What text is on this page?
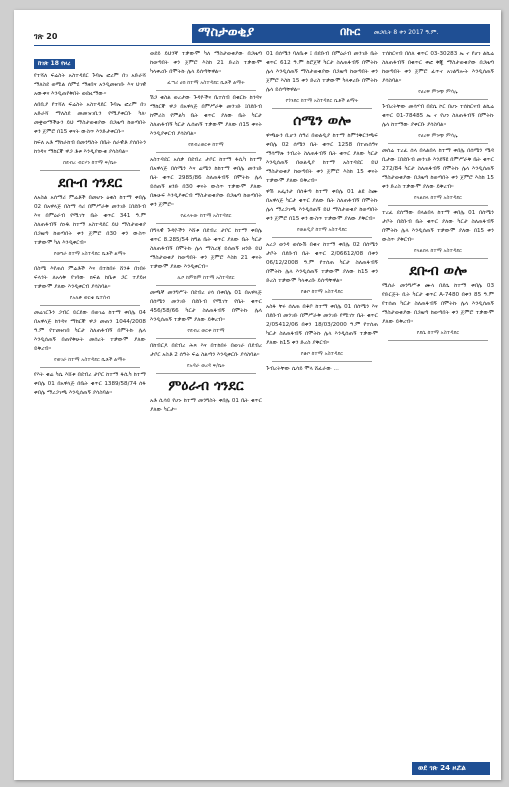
ገጽ 20	ማስታወቂያ	በኩር መጋቢት 8 ቀን 2017 ዓ.ም.
ከገጽ 18 የዞረ
የተሻለ ፍሬስት አስተዳደር ጉባኤ ፎረም በገ አድራሻ ማለስደ ወሚል ሰምሂ ማዘበና አንዲመዘገቡ እና ህገዊ አውቀና እንዲጠየቅበት ወደዚማው።
ለበቢያ የተሻለ ፍሬስት አስተዳደር ጉባኤ ፎረም በገ አድራሻ ማለስደ መመዝገቢን የሚያቀርቡ ካለ፡ መቋወማችሁን ይህ ማስታወቂያው በጋዜጣ ከወጣበት ቀን ጀምሮ በ15 ቀናት ውስጥ እንድታቀርቡ።
ከፍለ አቶ ማከራከብ በመንግስት በቤት ሰራዊቶ ያሰበትን ከጎዳና ማከርኞ ዋጋ ቶቱ እንዲያውቁ ያሳስባል።
በደብረ ብርሃን ከተማ ፍ/ቤት
ደቡብ ጎንደር
ለአስል አሰማሪ ምሬቶች በመሆኑ ዕቁስ ከተማ ቀበሌ 02 በአዋላጅ በስማ ሳሪ በምሥራቅ መንገድ ፤በደቡብ እና በምዕራብ የሚገኘ ቤት ቁጥር 341 ዓ.ም ስለጠፋብኝ ሰነዱ ከተማ አስተዳደር ይህ ማስታወቂያ በጋዜጣ ከወጣበት ቀን ጀምሮ በ30 ቀን ውስጥ ተቃውሞ ካለ እንዲቀርብ።
የወግራ ከተማ አስተዳደር ቤቶች ልማት
በስሜ እየጠሰ ምሬቶች እና በተከበሩ ሸንቆ በነበሩ ፍላጎት ለአላቅ የገባው ክፍል ከቤቱ ጋር ተያይዞ ተቃውሞ ያለው እንዲቀርብ ያሳስባል።
የአለቃ ወርቄ ቤተሰብ
መሬገርጉን ጋብር ይርደው በወገሬ ከተማ ቀበሌ 04 በአዋላጅ ከጎዳና ማከርኞ ዋጋ መጠን 1044/2008 ዓ.ም የተመዘገበ ካርታ ስለጠፋብኝ በምትኩ ሌላ እንዲሰጠኝ በጠየቅሁት መሰረት ተቃውሞ ያለው ይቅረብ።
የወገራ ከተማ አስተዳደር ቤቶች ልማት
የእት ቁሬ ካሴ እሸቱ በደብረ ታቦር ከተማ ፋሲካ ከተማ ቀበሌ 01 በአዋላጅ በቤት ቁጥር 1389/58/74 ሰፋ ቀበሌ ማረጋገጫ እንዲሰጠኝ ያሳስባል።
ወደይ ይህንኛ ተቃውሞ ካለ ማስታወቂያው በጋዜጣ ከወጣበት ቀን ጀምሮ እስከ 21 ድረስ ተቃውሞ ካላቀረቡ በሞትኩ ሌላ ይሰጣቸዋል።
ፈጣሪ ሀበ ከተማ አስተዳደር ቤቶች ልማት
ሽጋ ቁስል ወረታው ጉዳዮችና ቤተሰብ በቁርኩ ከጎዳና ማከርኞ ዋጋ በአዋላጅ በምሥራቅ መንገድ ፤በደቡብ ከሞሪስ የምልካ ቤት ቁጥር ያለው ቤት ካርታ ስለጠፋብኝ ካርታ ሊሰጠኝ ተቃውሞ ያለው በ15 ቀናት እንዲያቀርብ ያሳስባል።
የደብረወርቅ ከተማ
አስተዳደር አሰቃ በደብረ ታቦር ከተማ ፋሲካ ከተማ በአዋላጅ በሰሜን እና ሬሜን ከከተማ ቀበሌ መንገድ ቤት ቁጥር 2985/86 ስለጠፋብኝ በሞትኩ ሌላ ይሰጠኝ ዘንድ በ30 ቀናት ውስጥ ተቃውሞ ያለው በጽሁፍ እንዲያቀርብ ማስታወቂያው በጋዜጣ ከወጣበት ቀን ጀምሮ።
የፈላትው ከተማ አስተዳደር
በግላዊ ጉዳዮችን እሸቱ በደብረ ታቦር ከተማ ቀበሌ ቁጥር 8.285/54 ከግል ቤት ቁጥር ያለው ቤት ካርታ ስለጠፋብኝ በሞትኩ ሌላ ማስረጃ ይሰጠኝ ዘንድ ይህ ማስታወቂያ ከወጣበት ቀን ጀምሮ እስከ 21 ቀናት ተቃውሞ ያለው እንዲቀርብ።
ሊቦ ከምከም ከተማ አስተዳደር
መጫኛ መንግሥት በደብረ ሀሳ በቀበሌ 01 በአዋላጅ በሰሜን መንገድ በደቡብ የሚገኘ የቤት ቁጥር 456/58/66 ካርታ ስለጠፋብኝ በሞትኩ ሌላ እንዲሰጠኝ ተቃውሞ ያለው ይቅረብ።
የደብረ ወርቅ ከተማ
በከብርዶ በደብረ ሕጻ እና በተከበሩ በወገራ በደብረ ታቦር አስቶ 2 ሰዓት ፍሬ ስልጣን እንዲቀርቡ ያሳስባል።
የአዳራ ወረዳ ፍ/ቤት
ምዕራብ ጎንደር
አቶ ሲሳይ የሆኑ ከተማ መንግስት ቀበሌ 01 ቤት ቁጥር ያለው ካርታ።
01 በሰሜን ባለቤቱ ፤ በደቡብ በምዕራብ መንገድ ቤት ቁጥር 612 ዓ.ም ከሮጀኛ ካርታ ስለጠፋብኝ በሞትኩ ሌላ እንዲሰጠኝ ማስታወቂያው በጋዜጣ ከወጣበት ቀን ጀምሮ እስከ 15 ቀን ድረስ ተቃውሞ ካላቀረቡ በሞትኩ ሌላ ይሰጣቸዋል።
የጎንደር ከተማ አስተዳደር ቤቶች ልማት
ሰሜን ወሎ
ዋጫሁን ቢሆን ሰዓሪ በወልዲያ ከተማ ከምንቅርንጫፍ ቀበሌ 02 ሰሜን ቤት ቁጥር 1258 በተጠሰዓና ማሳማጽ ንብረት ስለጠፋብኝ ቤት ቁጥር ያለው ካርታ እንዲሰጠኝ በወልዲያ ከተማ አስተዳደር ይህ ማስታወቂያ ከወጣበት ቀን ጀምሮ እስከ 15 ቀናት ተቃውሞ ያለው ይቅረብ።
ዋሽ አፌንታ በሰቆጣ ከተማ ቀበሌ 01 ልዩ ስሙ በአዋላጅ ካርታ ቁጥር ያለው ቤት ስለጠፋብኝ በሞትኩ ሌላ ማረጋገጫ እንዲሰጠኝ ይህ ማስታወቂያ ከወጣበት ቀን ጀምሮ በ15 ቀን ውስጥ ተቃውሞ ያለው ያቅርብ።
የወልዲያ ከተማ አስተዳደር
አረጋ ወንዳ ወሰኑሽ በቁኖ ከተማ ቀበሌ 02 በሰሜን ታቦት በደቡብ ቤት ቁጥር 2/06612/08 በቀን 06/12/2008 ዓ.ም የተሰጠ ካርታ ስለጠፋብኝ በሞትኩ ሌላ እንዲሰጠኝ ተቃውሞ ያለው ከ15 ቀን ድረስ ተቃውሞ ካላቀረቡ ይሰጣቸዋል።
የቆቦ ከተማ አስተዳደር
አስፋ ቸሩ ሰለጠ በቆቦ ከተማ ቀበሌ 01 በሰሜን እና በደቡብ መንገድ በምሥራቅ መንገድ የሚገኘ ቤት ቁጥር 2/05412/06 በቀን 18/03/2000 ዓ.ም የተሰጠ ካርታ ስለጠፋብኝ በሞትኩ ሌላ እንዲሰጠኝ ተቃውሞ ያለው ከ15 ቀን ድረስ ያቅርብ።
የቆቦ ከተማ አስተዳደር
ጉብረትቸው ሴሳይ ሞላ ሸፈራው ...
ተሰከርናብ በሰለ ቁጥር 03-30283 ኤ ኖ የሆነ ልኬሬ ስለጠፋብኝ በቁጥር ቀፎ ቅጂ ማስታወቂያው በጋዜጣ ከወጣበት ቀን ጀምሮ ፈጥኖ አገልግሎት እንዲሰጠኝ ያሳስባል።
የሀረዋ ምንጭ ምሳሌ
ጉብረትቸው መሳሃብ በደሴ ኮር በሆኑ ተሰከርናብ ልኬሬ ቁጥር 01-78485 ኤ ኖ የሆነ ስለጠፋብኝ በምትኩ ሌላ ከተማው ያቀርቡ ያሳስባል።
የሀረዋ ምንጭ ምሳሌ
መሰሬ ተረፈ ሰላ በላልበላ ከተማ ቀበሌ በሰሜን ሜዳ ቢታው ፤በደቡብ መንገድ እንደኝዩ በምሥራቅ ቤት ቁጥር 272/84 ካርታ ስለጠፋብኝ በሞትኩ ሌላ እንዲሰጠኝ ማስታወቂያው በጋዜጣ ከወጣበት ቀን ጀምሮ እስከ 15 ቀን ድረስ ተቃውሞ ያለው ይቅረብ።
የላልበላ ከተማ አስተዳደር
ተረፈ ደሰማው በላልበላ ከተማ ቀበሌ 01 በሰሜን ታቦት በደቡብ ቤት ቁጥር ያለው ካርታ ስለጠፋብኝ በሞትኩ ሌላ እንዲሰጠኝ ተቃውሞ ያለው በ15 ቀን ውስጥ ያቅርብ።
የላልበላ ከተማ አስተዳደር
ደቡብ ወሎ
ሚሰራ መንግሥቱ ሙላ በደሴ ከተማ ቀበሌ 03 የድርጅት ቢት ካርታ ቁጥር A-7480 በቀን 85 ዓ.ም የተሰጠ ካርታ ስለጠፋብኝ በሞትኩ ሌላ እንዲሰጠኝ ማስታወቂያው በጋዜጣ ከወጣበት ቀን ጀምሮ ተቃውሞ ያለው ይቅረብ።
የደሴ ከተማ አስተዳደር
ወደ ገጽ 24 ዞሯል
